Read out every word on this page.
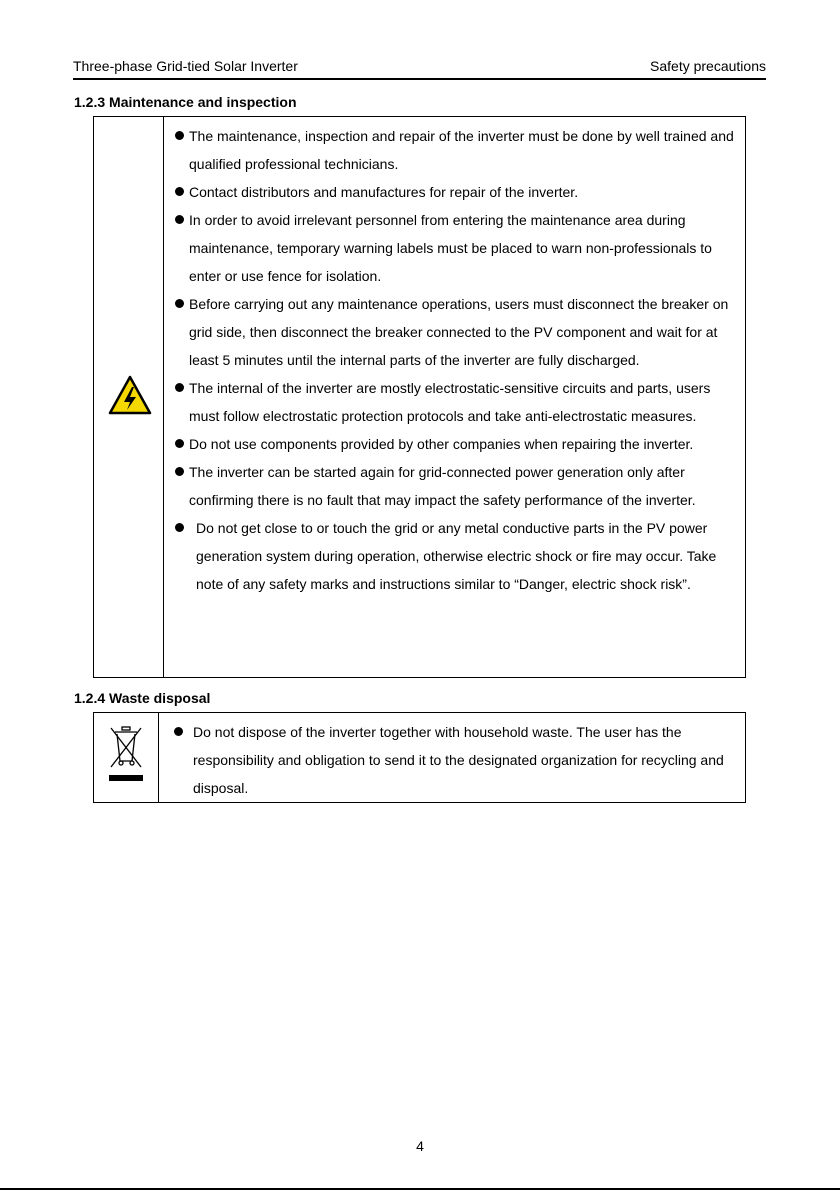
Three-phase Grid-tied Solar Inverter	Safety precautions
1.2.3 Maintenance and inspection

The maintenance, inspection and repair of the inverter must be done by well trained and qualified professional technicians.
Contact distributors and manufactures for repair of the inverter.
In order to avoid irrelevant personnel from entering the maintenance area during maintenance, temporary warning labels must be placed to warn non-professionals to enter or use fence for isolation.
Before carrying out any maintenance operations, users must disconnect the breaker on grid side, then disconnect the breaker connected to the PV component and wait for at least 5 minutes until the internal parts of the inverter are fully discharged.
The internal of the inverter are mostly electrostatic-sensitive circuits and parts, users must follow electrostatic protection protocols and take anti-electrostatic measures.
Do not use components provided by other companies when repairing the inverter.
The inverter can be started again for grid-connected power generation only after confirming there is no fault that may impact the safety performance of the inverter.
Do not get close to or touch the grid or any metal conductive parts in the PV power generation system during operation, otherwise electric shock or fire may occur. Take note of any safety marks and instructions similar to “Danger, electric shock risk”.
1.2.4 Waste disposal

Do not dispose of the inverter together with household waste. The user has the responsibility and obligation to send it to the designated organization for recycling and disposal.
4
